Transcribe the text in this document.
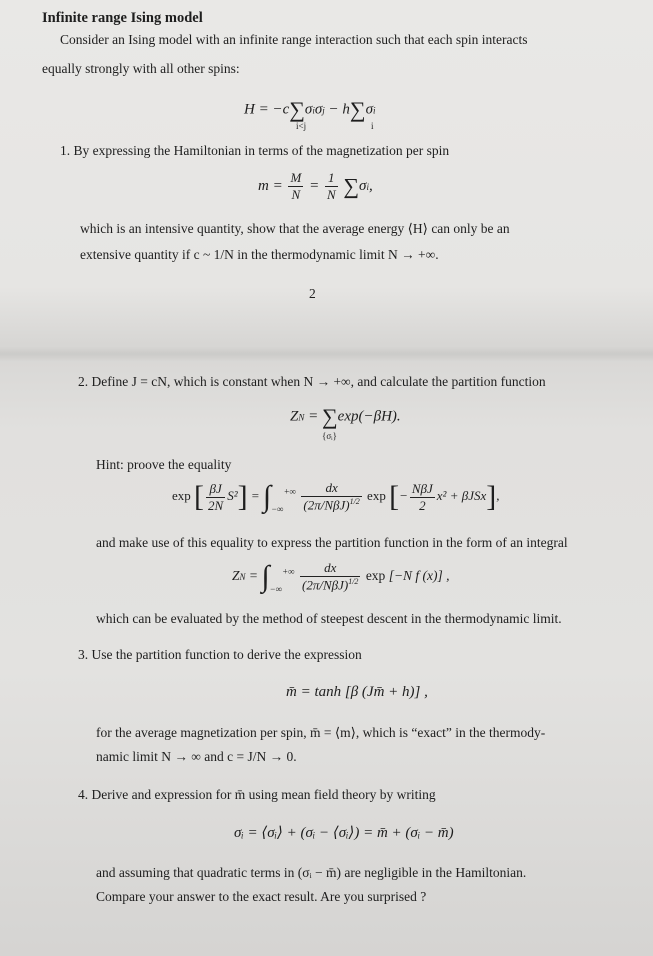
Infinite range Ising model
Consider an Ising model with an infinite range interaction such that each spin interacts
equally strongly with all other spins:
H = −c∑σiσj − h∑σi
i<j	i
1. By expressing the Hamiltonian in terms of the magnetization per spin
$m = \frac{M}{N} = \frac{1}{N} \sum\sigma i$,
which is an intensive quantity, show that the average energy ⟨H⟩ can only be an
extensive quantity if c ~ 1/N in the thermodynamic limit N → +∞.
2
2. Define J = cN, which is constant when N → +∞, and calculate the partition function
ZN = ∑exp(−βH).
{σᵢ}
Hint: proove the equality
exp [ $\frac{\beta J}{2N} S^2] = \int-\infty^{+\infty} \frac{dx}{(2\pi/N\beta J)^{1/2}}$ exp [− $\frac{\text{NβJ}}{2} x^2 + \beta JSx$],
and make use of this equality to express the partition function in the form of an integral
ZN = $\int-\infty^{+\infty} \frac{dx}{(2\pi/N\beta J)^{1/2}}$ exp [−N f (x)] ,
which can be evaluated by the method of steepest descent in the thermodynamic limit.
3. Use the partition function to derive the expression
m̄ = tanh [β (Jm̄ + h)] ,
for the average magnetization per spin, m̄ = ⟨m⟩, which is “exact” in the thermody-
namic limit N → ∞ and c = J/N → 0.
4. Derive and expression for m̄ using mean field theory by writing
σᵢ = ⟨σᵢ⟩ + (σᵢ − ⟨σᵢ⟩) = m̄ + (σᵢ − m̄)
and assuming that quadratic terms in (σᵢ − m̄) are negligible in the Hamiltonian.
Compare your answer to the exact result. Are you surprised ?
